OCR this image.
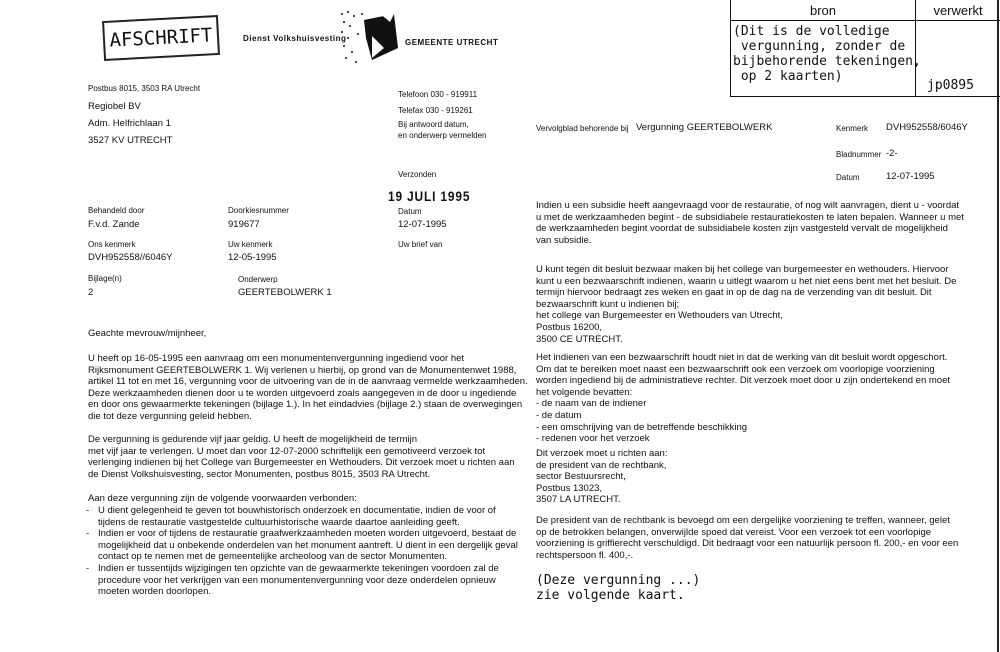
AFSCHRIFT	Dienst Volkshuisvesting	GEMEENTE UTRECHT
bron	verwerkt
(Dit is de volledige
vergunning, zonder de
bijbehorende tekeningen,
op 2 kaarten)
jp0895
Postbus 8015, 3503 RA Utrecht
Regiobel BV
Adm. Helfrichlaan 1
3527 KV UTRECHT
Telefoon 030 - 919911
Telefax 030 - 919261
Bij antwoord datum,
en onderwerp vermelden
Verzonden
19 JULI 1995
Behandeld door
F.v.d. Zande
Doorkiesnummer
919677
Datum
12-07-1995
Ons kenmerk
DVH952558//6046Y
Uw kenmerk
12-05-1995
Uw brief van
Bijlage(n)
2
Onderwerp
GEERTEBOLWERK 1
Geachte mevrouw/mijnheer,
U heeft op 16-05-1995 een aanvraag om een monumentenvergunning ingediend voor het
Rijksmonument GEERTEBOLWERK 1. Wij verlenen u hierbij, op grond van de Monumentenwet 1988,
artikel 11 tot en met 16, vergunning voor de uitvoering van de in de aanvraag vermelde werkzaamheden.
Deze werkzaamheden dienen door u te worden uitgevoerd zoals aangegeven in de door u ingediende
en door ons gewaarmerkte tekeningen (bijlage 1.). In het eindadvies (bijlage 2.) staan de overwegingen
die tot deze vergunning geleid hebben.
De vergunning is gedurende vijf jaar geldig. U heeft de mogelijkheid de termijn
met vijf jaar te verlengen. U moet dan voor 12-07-2000 schriftelijk een gemotiveerd verzoek tot
verlenging indienen bij het College van Burgemeester en Wethouders. Dit verzoek moet u richten aan
de Dienst Volkshuisvesting, sector Monumenten, postbus 8015, 3503 RA Utrecht.
Aan deze vergunning zijn de volgende voorwaarden verbonden:
- U dient gelegenheid te geven tot bouwhistorisch onderzoek en documentatie, indien de voor of
tijdens de restauratie vastgestelde cultuurhistorische waarde daartoe aanleiding geeft.
- Indien er voor of tijdens de restauratie graafwerkzaamheden moeten worden uitgevoerd, bestaat de
mogelijkheid dat u onbekende onderdelen van het monument aantreft. U dient in een dergelijk geval
contact op te nemen met de gemeentelijke archeoloog van de sector Monumenten.
- Indien er tussentijds wijzigingen ten opzichte van de gewaarmerkte tekeningen voordoen zal de
procedure voor het verkrijgen van een monumentenvergunning voor deze onderdelen opnieuw
moeten worden doorlopen.
Vervolgblad behorende bij Vergunning GEERTEBOLWERK	Kenmerk DVH952558/6046Y
Bladnummer -2-
Datum	12-07-1995
Indien u een subsidie heeft aangevraagd voor de restauratie, of nog wilt aanvragen, dient u - voordat
u met de werkzaamheden begint - de subsidiabele restauratiekosten te laten bepalen. Wanneer u met
de werkzaamheden begint voordat de subsidiabele kosten zijn vastgesteld vervalt de mogelijkheid
van subsidie.
U kunt tegen dit besluit bezwaar maken bij het college van burgemeester en wethouders. Hiervoor
kunt u een bezwaarschrift indienen, waarin u uitlegt waarom u het niet eens bent met het besluit. De
termijn hiervoor bedraagt zes weken en gaat in op de dag na de verzending van dit besluit. Dit
bezwaarschrift kunt u indienen bij;
het college van Burgemeester en Wethouders van Utrecht,
Postbus 16200,
3500 CE UTRECHT.
Het indienen van een bezwaarschrift houdt niet in dat de werking van dit besluit wordt opgeschort.
Om dat te bereiken moet naast een bezwaarschrift ook een verzoek om voorlopige voorziening
worden ingediend bij de administratieve rechter. Dit verzoek moet door u zijn ondertekend en moet
het volgende bevatten:
- de naam van de indiener
- de datum
- een omschrijving van de betreffende beschikking
- redenen voor het verzoek
Dit verzoek moet u richten aan:
de president van de rechtbank,
sector Bestuursrecht,
Postbus 13023,
3507 LA UTRECHT.
De president van de rechtbank is bevoegd om een dergelijke voorziening te treffen, wanneer, gelet
op de betrokken belangen, onverwijlde spoed dat vereist. Voor een verzoek tot een voorlopige
voorziening is griffierecht verschuldigd. Dit bedraagt voor een natuurlijk persoon fl. 200,- en voor een
rechtspersoon fl. 400,-.
(Deze vergunning ...)
zie volgende kaart.
